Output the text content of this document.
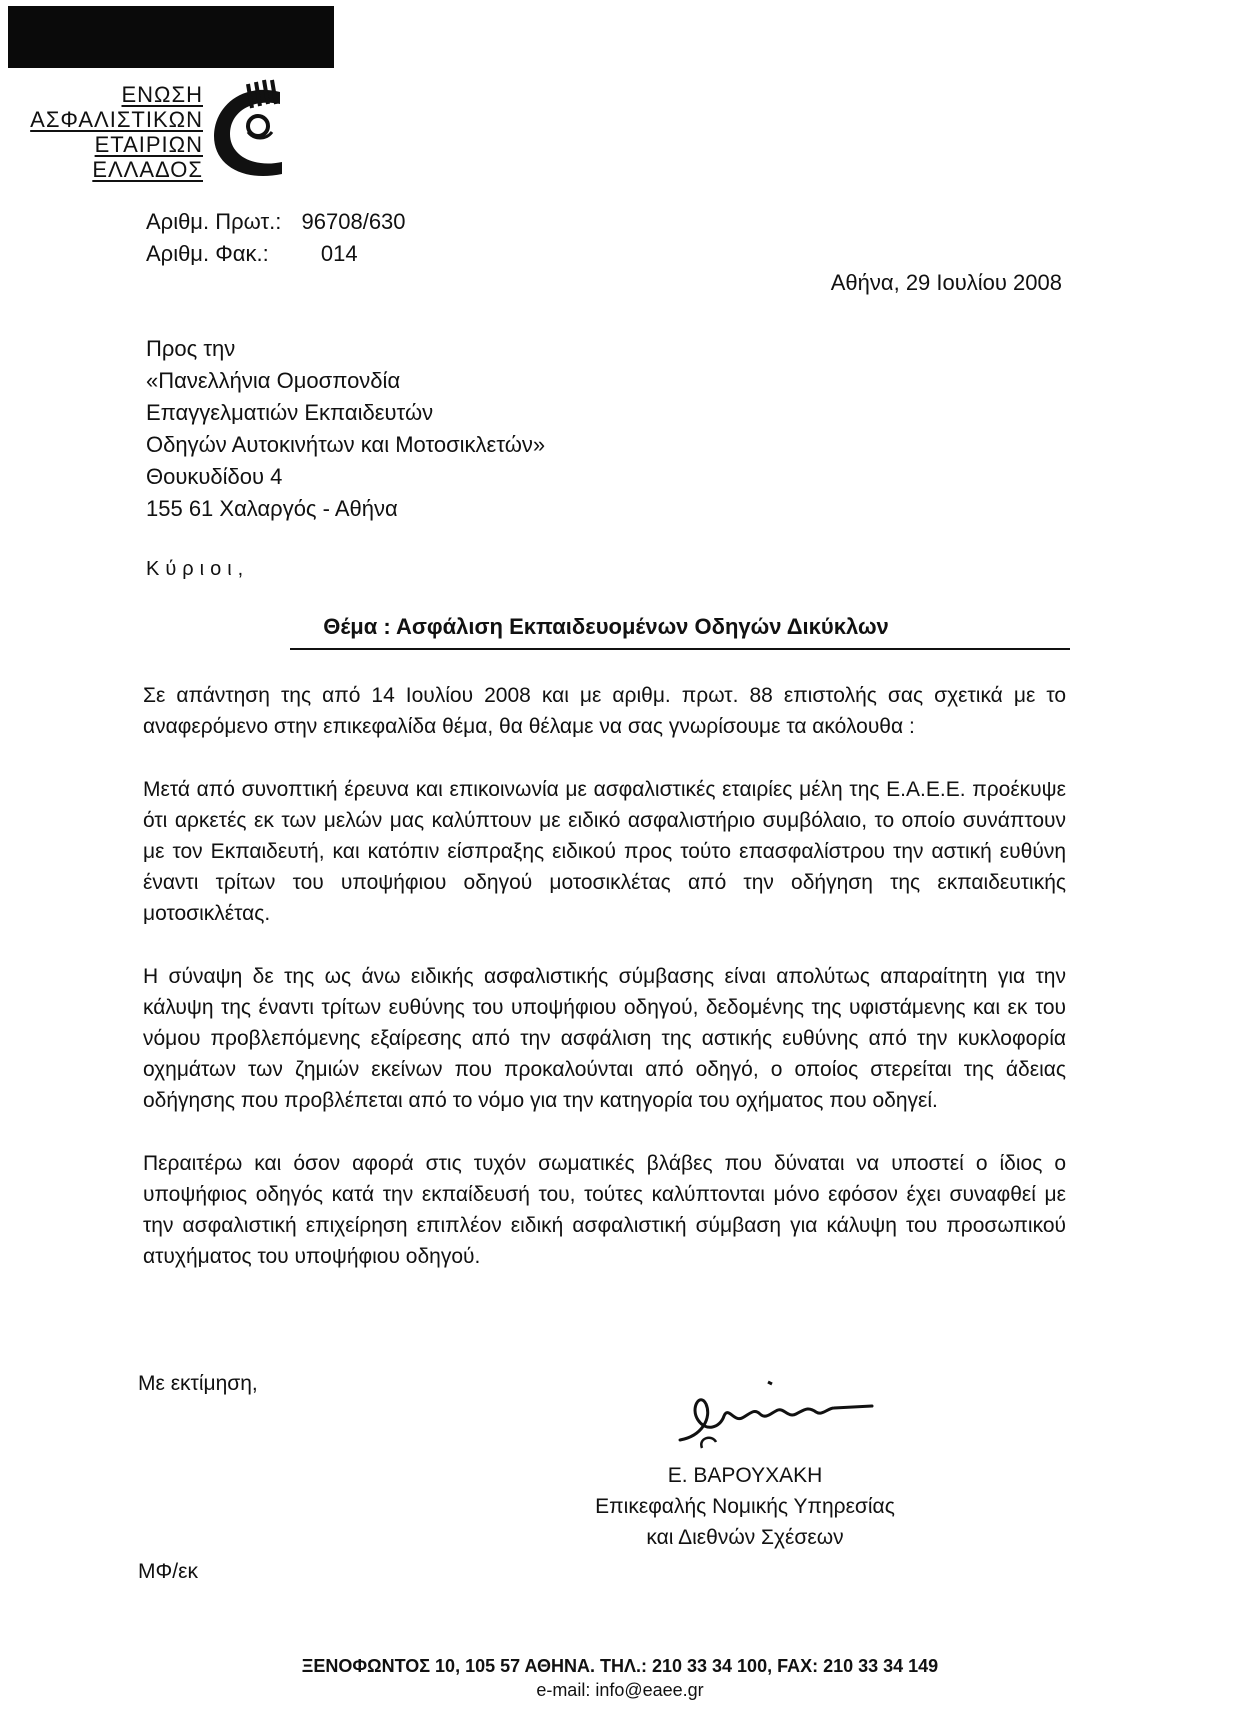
ΕΝΩΣΗ
ΑΣΦΑΛΙΣΤΙΚΩΝ
ΕΤΑΙΡΙΩΝ
ΕΛΛΑΔΟΣ
Αριθμ. Πρωτ.: 96708/630
Αριθμ. Φακ.: 014
Αθήνα, 29 Ιουλίου 2008
Προς την
«Πανελλήνια Ομοσπονδία
Επαγγελματιών Εκπαιδευτών
Οδηγών Αυτοκινήτων και Μοτοσικλετών»
Θουκυδίδου 4
155 61 Χαλαργός - Αθήνα
Κύριοι,
Θέμα : Ασφάλιση Εκπαιδευομένων Οδηγών Δικύκλων

Σε απάντηση της από 14 Ιουλίου 2008 και με αριθμ. πρωτ. 88 επιστολής σας σχετικά με το αναφερόμενο στην επικεφαλίδα θέμα, θα θέλαμε να σας γνωρίσουμε τα ακόλουθα :

Μετά από συνοπτική έρευνα και επικοινωνία με ασφαλιστικές εταιρίες μέλη της Ε.Α.Ε.Ε. προέκυψε ότι αρκετές εκ των μελών μας καλύπτουν με ειδικό ασφαλιστήριο συμβόλαιο, το οποίο συνάπτουν με τον Εκπαιδευτή, και κατόπιν είσπραξης ειδικού προς τούτο επασφαλίστρου την αστική ευθύνη έναντι τρίτων του υποψήφιου οδηγού μοτοσικλέτας από την οδήγηση της εκπαιδευτικής μοτοσικλέτας.

Η σύναψη δε της ως άνω ειδικής ασφαλιστικής σύμβασης είναι απολύτως απαραίτητη για την κάλυψη της έναντι τρίτων ευθύνης του υποψήφιου οδηγού, δεδομένης της υφιστάμενης και εκ του νόμου προβλεπόμενης εξαίρεσης από την ασφάλιση της αστικής ευθύνης από την κυκλοφορία οχημάτων των ζημιών εκείνων που προκαλούνται από οδηγό, ο οποίος στερείται της άδειας οδήγησης που προβλέπεται από το νόμο για την κατηγορία του οχήματος που οδηγεί.

Περαιτέρω και όσον αφορά στις τυχόν σωματικές βλάβες που δύναται να υποστεί ο ίδιος ο υποψήφιος οδηγός κατά την εκπαίδευσή του, τούτες καλύπτονται μόνο εφόσον έχει συναφθεί με την ασφαλιστική επιχείρηση επιπλέον ειδική ασφαλιστική σύμβαση για κάλυψη του προσωπικού ατυχήματος του υποψήφιου οδηγού.

Με εκτίμηση,
Ε. ΒΑΡΟΥΧΑΚΗ
Επικεφαλής Νομικής Υπηρεσίας
και Διεθνών Σχέσεων
ΜΦ/εκ
ΞΕΝΟΦΩΝΤΟΣ 10, 105 57 ΑΘΗΝΑ. ΤΗΛ.: 210 33 34 100, FAX: 210 33 34 149
e-mail: info@eaee.gr
